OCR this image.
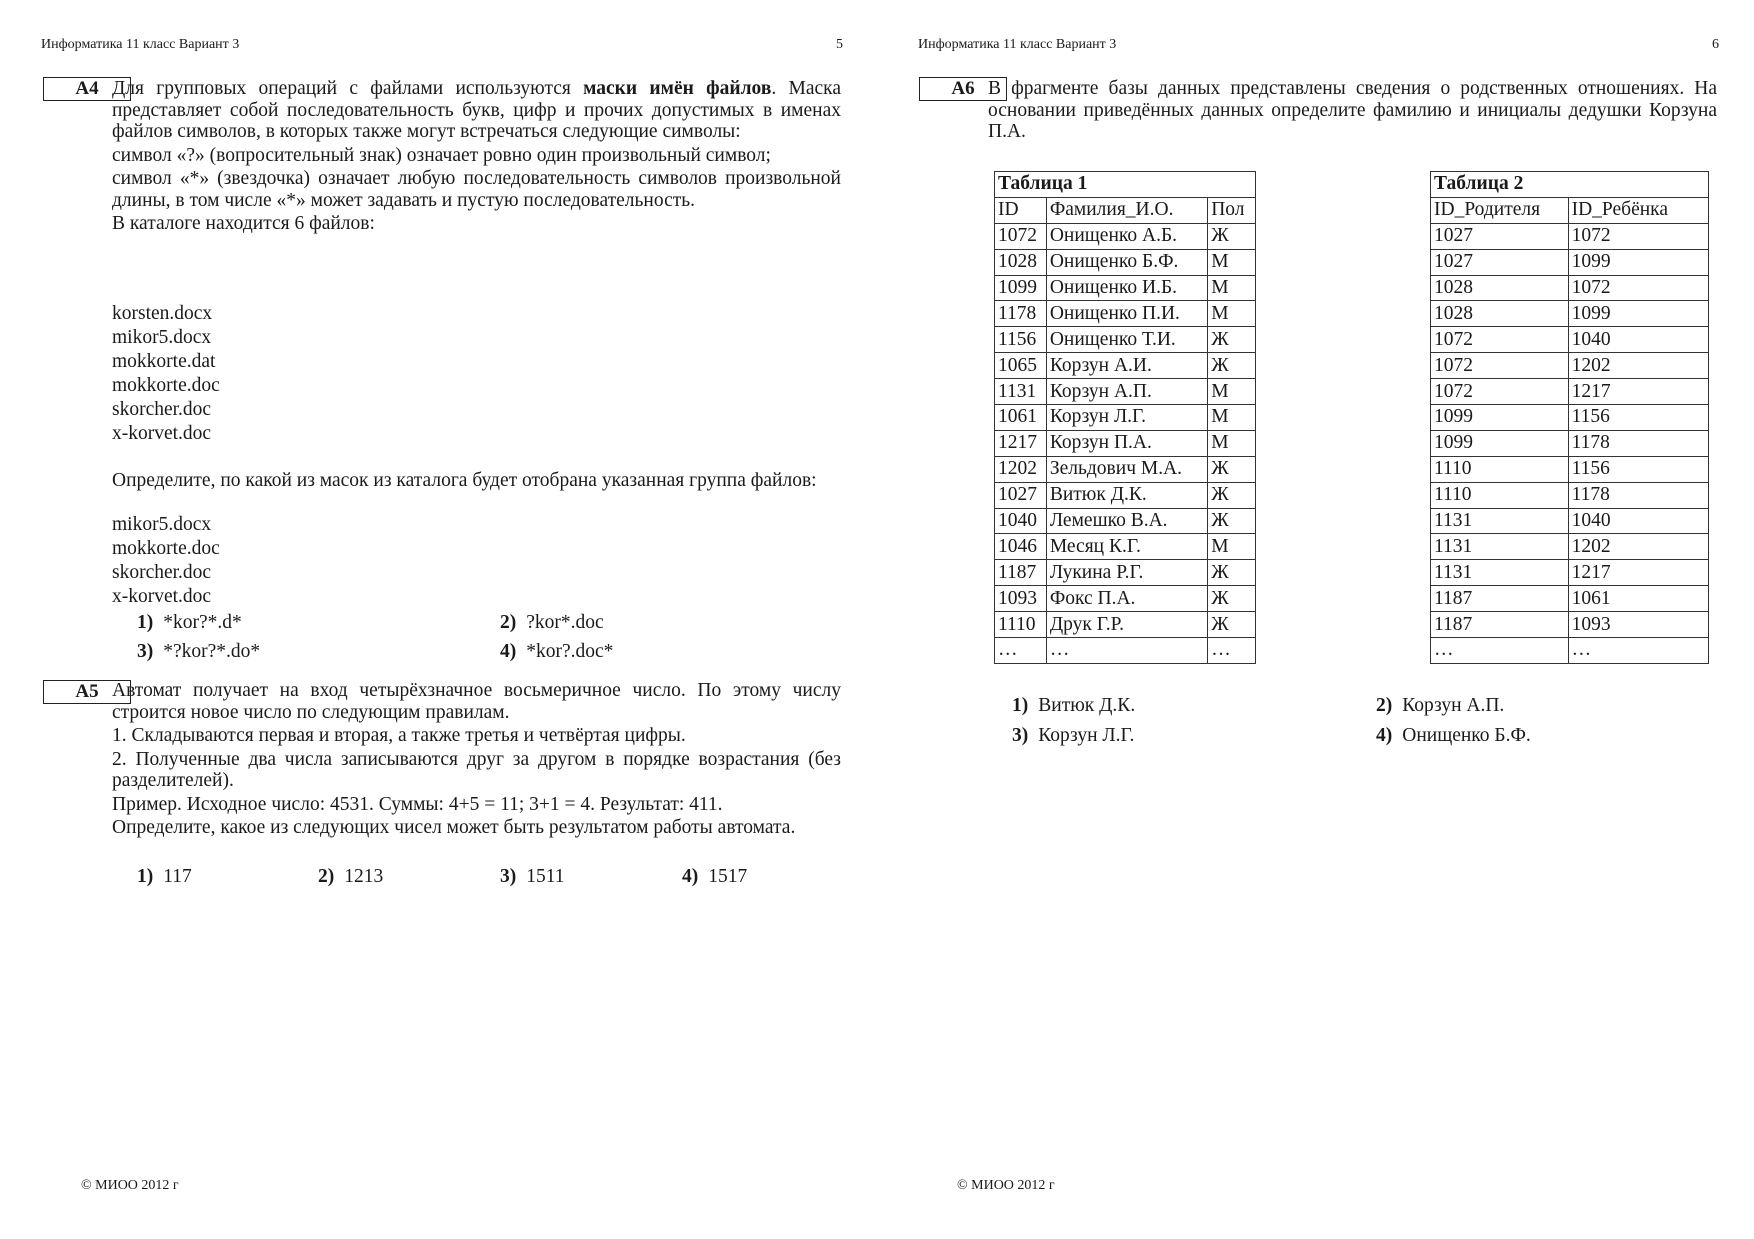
Информатика 11 класс Вариант 3	5
А4 Для групповых операций с файлами используются маски имён файлов. Маска представляет собой последовательность букв, цифр и прочих допустимых в именах файлов символов, в которых также могут встречаться следующие символы:

символ «?» (вопросительный знак) означает ровно один произвольный символ;

символ «*» (звездочка) означает любую последовательность символов произвольной длины, в том числе «*» может задавать и пустую последовательность.

В каталоге находится 6 файлов:

korsten.docx
mikor5.docx
mokkorte.dat
mokkorte.doc
skorcher.doc
x-korvet.doc
Определите, по какой из масок из каталога будет отобрана указанная группа файлов:
mikor5.docx
mokkorte.doc
skorcher.doc
x-korvet.doc
1) *kor?*.d*	2) ?kor*.doc
3) *?kor?*.do*	4) *kor?.doc*
А5 Автомат получает на вход четырёхзначное восьмеричное число. По этому числу строится новое число по следующим правилам.

1. Складываются первая и вторая, а также третья и четвёртая цифры.

2. Полученные два числа записываются друг за другом в порядке возрастания (без разделителей).

Пример. Исходное число: 4531. Суммы: 4+5 = 11; 3+1 = 4. Результат: 411.

Определите, какое из следующих чисел может быть результатом работы автомата.

1) 117	2) 1213	3) 1511	4) 1517
© МИОО 2012 г
Информатика 11 класс Вариант 3	6
А6 В фрагменте базы данных представлены сведения о родственных отношениях. На основании приведённых данных определите фамилию и инициалы дедушки Корзуна П.А.
Таблица 1		
ID	Фамилия_И.О.	Пол
1072	Онищенко А.Б.	Ж
1028	Онищенко Б.Ф.	М
1099	Онищенко И.Б.	М
1178	Онищенко П.И.	М
1156	Онищенко Т.И.	Ж
1065	Корзун А.И.	Ж
1131	Корзун А.П.	М
1061	Корзун Л.Г.	М
1217	Корзун П.А.	М
1202	Зельдович М.А.	Ж
1027	Витюк Д.К.	Ж
1040	Лемешко В.А.	Ж
1046	Месяц К.Г.	М
1187	Лукина Р.Г.	Ж
1093	Фокс П.А.	Ж
1110	Друк Г.Р.	Ж
…	…	…
Таблица 2	
ID_Родителя	ID_Ребёнка
1027	1072
1027	1099
1028	1072
1028	1099
1072	1040
1072	1202
1072	1217
1099	1156
1099	1178
1110	1156
1110	1178
1131	1040
1131	1202
1131	1217
1187	1061
1187	1093
…	…
1) Витюк Д.К.	2) Корзун А.П.
3) Корзун Л.Г.	4) Онищенко Б.Ф.
© МИОО 2012 г
